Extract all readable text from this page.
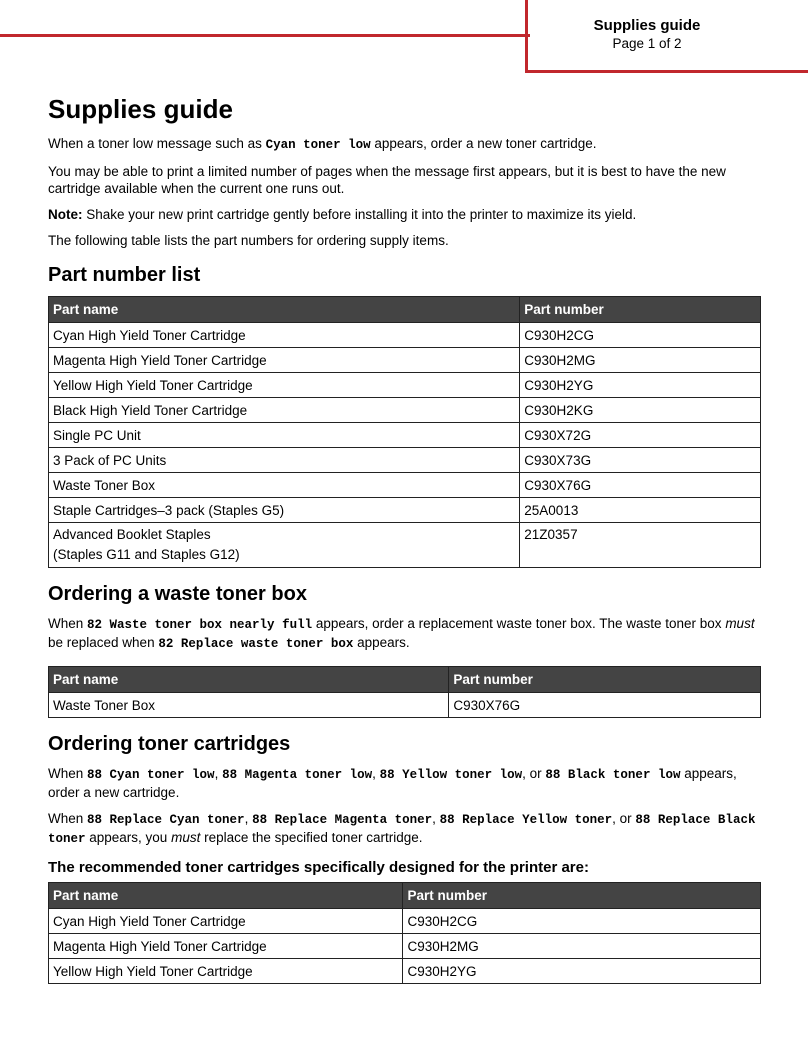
Supplies guide
Page 1 of 2
Supplies guide

When a toner low message such as Cyan toner low appears, order a new toner cartridge.

You may be able to print a limited number of pages when the message first appears, but it is best to have the new cartridge available when the current one runs out.

Note: Shake your new print cartridge gently before installing it into the printer to maximize its yield.

The following table lists the part numbers for ordering supply items.

Part number list
Part name	Part number
Cyan High Yield Toner Cartridge	C930H2CG
Magenta High Yield Toner Cartridge	C930H2MG
Yellow High Yield Toner Cartridge	C930H2YG
Black High Yield Toner Cartridge	C930H2KG
Single PC Unit	C930X72G
3 Pack of PC Units	C930X73G
Waste Toner Box	C930X76G
Staple Cartridges–3 pack (Staples G5)	25A0013
Advanced Booklet Staples
(Staples G11 and Staples G12)	21Z0357
Ordering a waste toner box

When 82 Waste toner box nearly full appears, order a replacement waste toner box. The waste toner box must be replaced when 82 Replace waste toner box appears.

Part name	Part number
Waste Toner Box	C930X76G
Ordering toner cartridges

When 88 Cyan toner low, 88 Magenta toner low, 88 Yellow toner low, or 88 Black toner low appears, order a new cartridge.

When 88 Replace Cyan toner, 88 Replace Magenta toner, 88 Replace Yellow toner, or 88 Replace Black toner appears, you must replace the specified toner cartridge.

The recommended toner cartridges specifically designed for the printer are:
Part name	Part number
Cyan High Yield Toner Cartridge	C930H2CG
Magenta High Yield Toner Cartridge	C930H2MG
Yellow High Yield Toner Cartridge	C930H2YG
